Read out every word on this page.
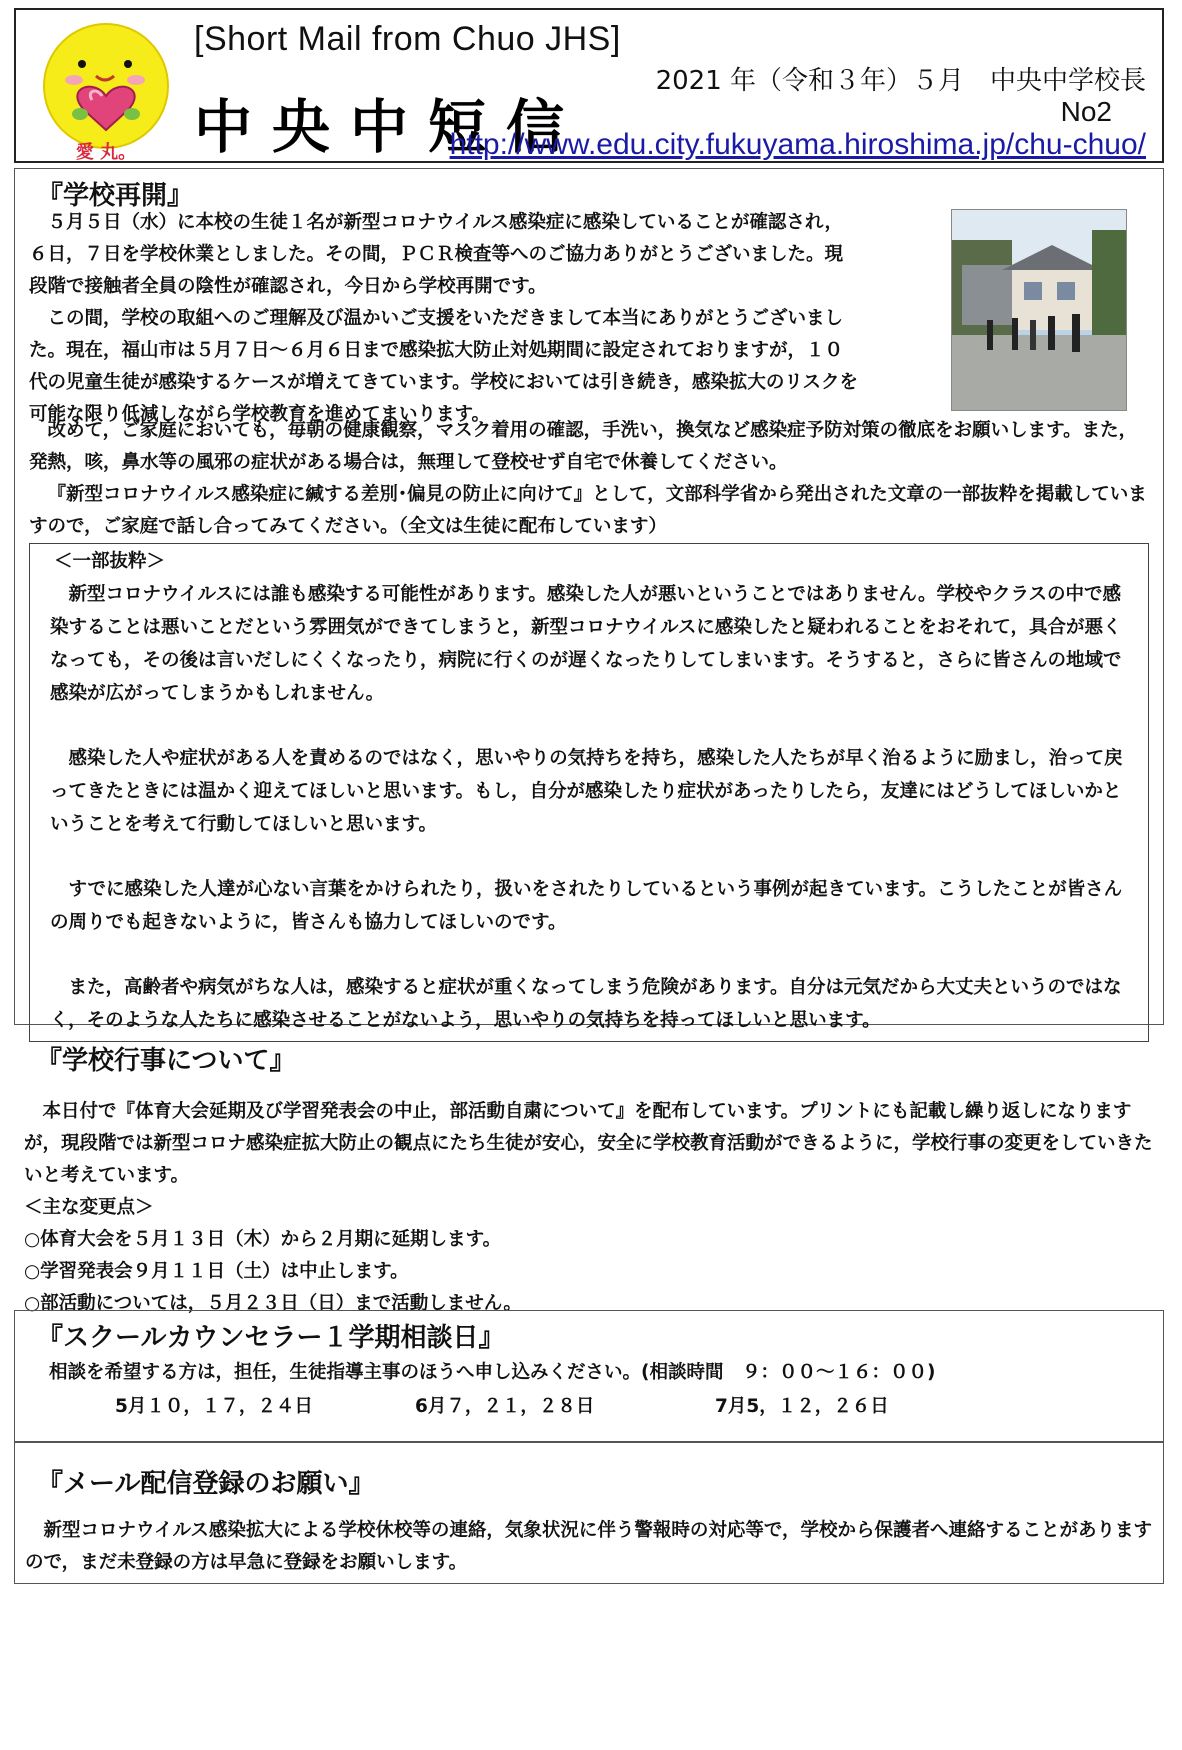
愛 丸。
[Short Mail from Chuo JHS]
中央中短信
2021 年（令和３年）５月　中央中学校長
No2
http://www.edu.city.fukuyama.hiroshima.jp/chu-chuo/
『学校再開』

５月５日（水）に本校の生徒１名が新型コロナウイルス感染症に感染していることが確認され，６日，７日を学校休業としました。その間，ＰＣＲ検査等へのご協力ありがとうございました。現段階で接触者全員の陰性が確認され，今日から学校再開です。

この間，学校の取組へのご理解及び温かいご支援をいただきまして本当にありがとうございました。現在，福山市は５月７日～６月６日まで感染拡大防止対処期間に設定されておりますが，１０代の児童生徒が感染するケースが増えてきています。学校においては引き続き，感染拡大のリスクを可能な限り低減しながら学校教育を進めてまいります。

改めて，ご家庭においても，毎朝の健康観察，マスク着用の確認，手洗い，換気など感染症予防対策の徹底をお願いします。また，発熱，咳，鼻水等の風邪の症状がある場合は，無理して登校せず自宅で休養してください。

『新型コロナウイルス感染症に緘する差別･偏見の防止に向けて』として，文部科学省から発出された文章の一部抜粋を掲載していますので，ご家庭で話し合ってみてください。（全文は生徒に配布しています）

＜一部抜粋＞

新型コロナウイルスには誰も感染する可能性があります。感染した人が悪いということではありません。学校やクラスの中で感染することは悪いことだという雰囲気ができてしまうと，新型コロナウイルスに感染したと疑われることをおそれて，具合が悪くなっても，その後は言いだしにくくなったり，病院に行くのが遅くなったりしてしまいます。そうすると，さらに皆さんの地域で感染が広がってしまうかもしれません。

感染した人や症状がある人を責めるのではなく，思いやりの気持ちを持ち，感染した人たちが早く治るように励まし，治って戻ってきたときには温かく迎えてほしいと思います。もし，自分が感染したり症状があったりしたら，友達にはどうしてほしいかということを考えて行動してほしいと思います。

すでに感染した人達が心ない言葉をかけられたり，扱いをされたりしているという事例が起きています。こうしたことが皆さんの周りでも起きないように，皆さんも協力してほしいのです。

また，高齢者や病気がちな人は，感染すると症状が重くなってしまう危険があります。自分は元気だから大丈夫というのではなく，そのような人たちに感染させることがないよう，思いやりの気持ちを持ってほしいと思います。

『学校行事について』

本日付で『体育大会延期及び学習発表会の中止，部活動自粛について』を配布しています。プリントにも記載し繰り返しになりますが，現段階では新型コロナ感染症拡大防止の観点にたち生徒が安心，安全に学校教育活動ができるように，学校行事の変更をしていきたいと考えています。

＜主な変更点＞

○体育大会を５月１３日（木）から２月期に延期します。
○学習発表会９月１１日（土）は中止します。
○部活動については，５月２３日（日）まで活動しません。
『スクールカウンセラー１学期相談日』

相談を希望する方は，担任，生徒指導主事のほうへ申し込みください。(相談時間　９：００～１６：００)

5月１０，１７，２４日	6月７，２１，２８日	7月5，１２，２６日
『メール配信登録のお願い』

新型コロナウイルス感染拡大による学校休校等の連絡，気象状況に伴う警報時の対応等で，学校から保護者へ連絡することがありますので，まだ未登録の方は早急に登録をお願いします。
